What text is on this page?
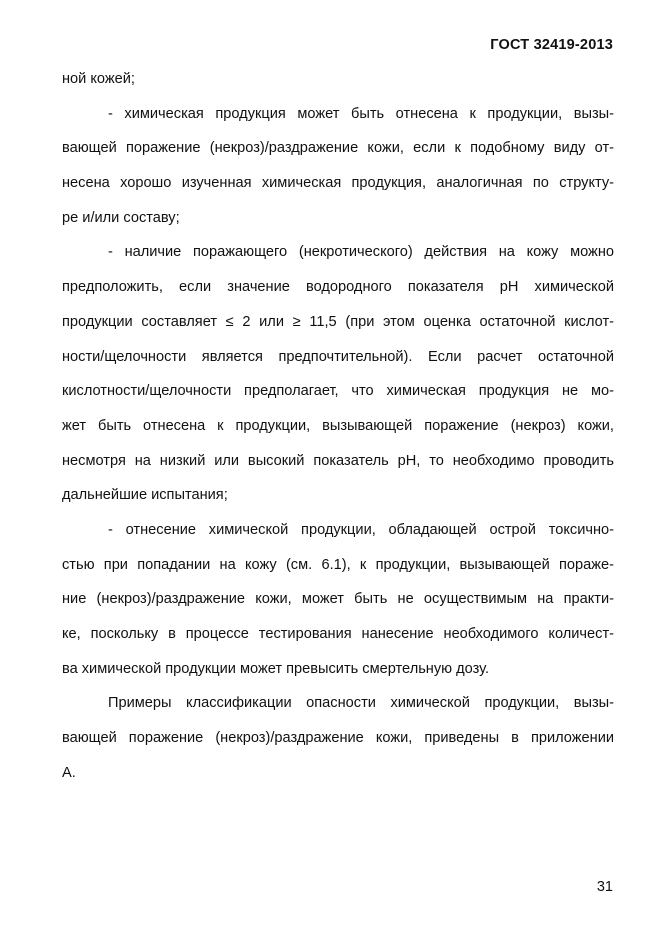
ГОСТ 32419-2013
ной кожей;
- химическая продукция может быть отнесена к продукции, вызы-
вающей поражение (некроз)/раздражение кожи, если к подобному виду от-
несена хорошо изученная химическая продукция, аналогичная по структу-
ре и/или составу;
- наличие поражающего (некротического) действия на кожу можно
предположить, если значение водородного показателя pH химической
продукции составляет ≤ 2 или ≥ 11,5 (при этом оценка остаточной кислот-
ности/щелочности является предпочтительной). Если расчет остаточной
кислотности/щелочности предполагает, что химическая продукция не мо-
жет быть отнесена к продукции, вызывающей поражение (некроз) кожи,
несмотря на низкий или высокий показатель pH, то необходимо проводить
дальнейшие испытания;
- отнесение химической продукции, обладающей острой токсично-
стью при попадании на кожу (см. 6.1), к продукции, вызывающей пораже-
ние (некроз)/раздражение кожи, может быть не осуществимым на практи-
ке, поскольку в процессе тестирования нанесение необходимого количест-
ва химической продукции может превысить смертельную дозу.
Примеры классификации опасности химической продукции, вызы-
вающей поражение (некроз)/раздражение кожи, приведены в приложении
А.
31
